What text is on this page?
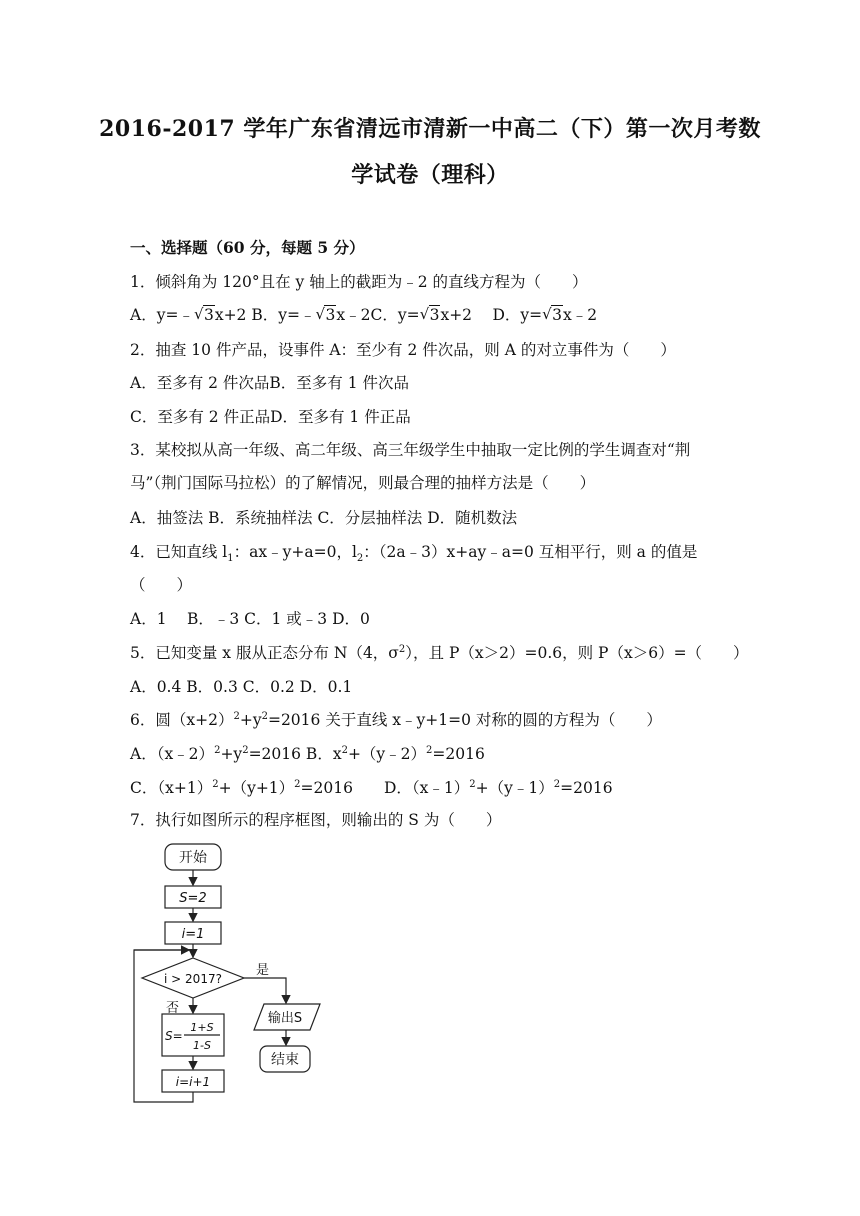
2016-2017 学年广东省清远市清新一中高二（下）第一次月考数
学试卷（理科）
一、选择题（60 分，每题 5 分）
1．倾斜角为 120°且在 y 轴上的截距为﹣2 的直线方程为（　　）
A．y=﹣ √ 3x+2 B．y=﹣ √ 3x﹣2C．y= √ 3x+2　 D．y= √ 3x﹣2
2．抽查 10 件产品，设事件 A：至少有 2 件次品，则 A 的对立事件为（　　）
A．至多有 2 件次品B．至多有 1 件次品
C．至多有 2 件正品D．至多有 1 件正品
3．某校拟从高一年级、高二年级、高三年级学生中抽取一定比例的学生调查对“荆
马”（荆门国际马拉松）的了解情况，则最合理的抽样方法是（　　）
A．抽签法 B．系统抽样法 C．分层抽样法 D．随机数法
4．已知直线 $l_1$：ax﹣y+a=0，$l_2$：（2a﹣3）x+ay﹣a=0 互相平行，则 a 的值是
（　　）
A．1　 B．﹣3 C．1 或﹣3 D．0
5．已知变量 x 服从正态分布 N（4，$\sigma^2$），且 P（x＞2）=0.6，则 P（x＞6）=（　　）
A．0.4 B．0.3 C．0.2 D．0.1
6．圆$(x+2)^2+y^2=2016$ 关于直线 x﹣y+1=0 对称的圆的方程为（　　）
A．$(x﹣2)^2+y^2=2016$ B．$x^2+(y﹣2)^2=2016$
C．$(x+1)^2+(y+1)^2=2016$　　D．（x﹣1）$^2$+（y﹣1）$^2$=2016
7．执行如图所示的程序框图，则输出的 S 为（　　）
开始
S=2
i=1
i > 2017?
是
否
输出S
结束
S=
1+S
1-S
i=i+1
